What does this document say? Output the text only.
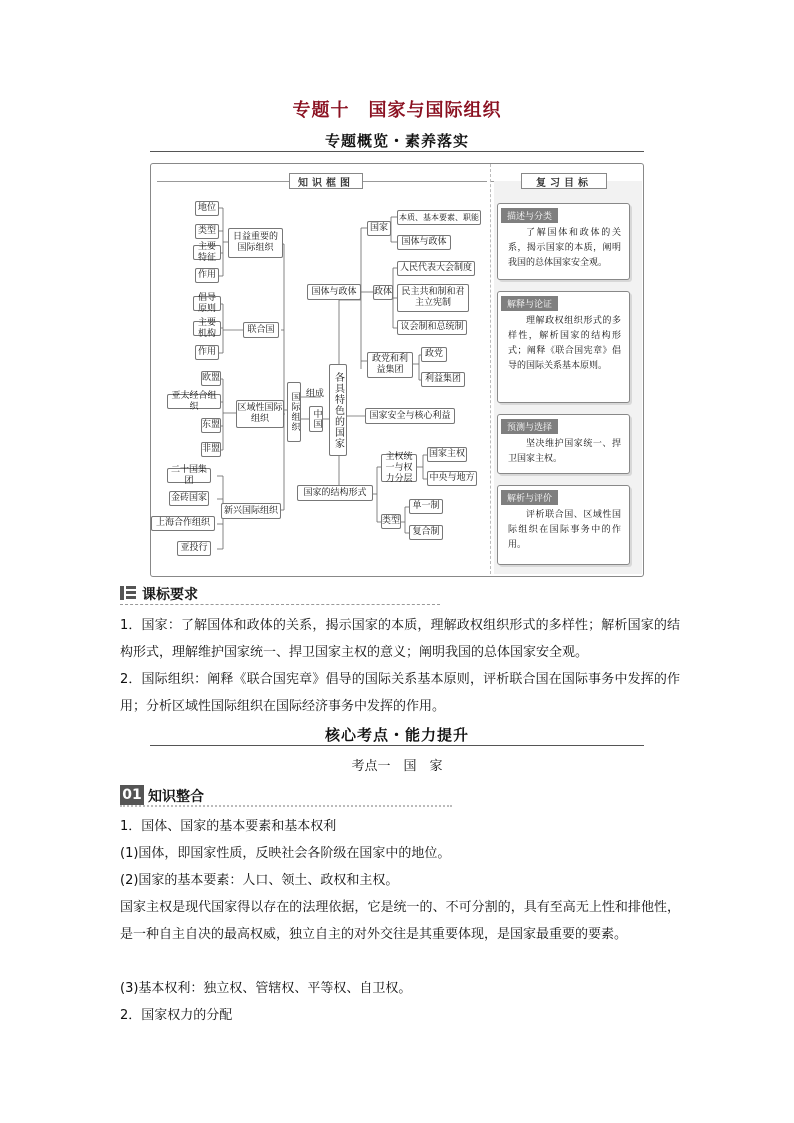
专题十　国家与国际组织
专题概览・素养落实
知识框图	复习目标
地位
类型
主要特征
作用
倡导原则
主要机构
作用
欧盟
亚太经合组织
东盟
非盟
二十国集团
金砖国家
上海合作组织
亚投行
日益重要的国际组织
联合国
区域性国际组织
新兴国际组织
国际组织 组成
中国	各具特色的国家
国体与政体
国家
本质、基本要素、职能
国体与政体
政体
人民代表大会制度
民主共和制和君主立宪制
议会制和总统制
政党和利益集团
政党
利益集团
国家安全与核心利益
国家的结构形式
主权统一与权力分层
国家主权
中央与地方
类型
单一制
复合制
描述与分类
了解国体和政体的关系，揭示国家的本质，阐明我国的总体国家安全观。
解释与论证
理解政权组织形式的多样性，解析国家的结构形式；阐释《联合国宪章》倡导的国际关系基本原则。
预测与选择
坚决维护国家统一、捍卫国家主权。
解析与评价
评析联合国、区域性国际组织在国际事务中的作用。
课标要求
1．国家：了解国体和政体的关系，揭示国家的本质，理解政权组织形式的多样性；解析国家的结构形式，理解维护国家统一、捍卫国家主权的意义；阐明我国的总体国家安全观。
2．国际组织：阐释《联合国宪章》倡导的国际关系基本原则，评析联合国在国际事务中发挥的作用；分析区域性国际组织在国际经济事务中发挥的作用。
核心考点・能力提升
考点一　国　家
01 知识整合
1．国体、国家的基本要素和基本权利
(1)国体，即国家性质，反映社会各阶级在国家中的地位。
(2)国家的基本要素：人口、领土、政权和主权。
国家主权是现代国家得以存在的法理依据，它是统一的、不可分割的，具有至高无上性和排他性，是一种自主自决的最高权威，独立自主的对外交往是其重要体现，是国家最重要的要素。
(3)基本权利：独立权、管辖权、平等权、自卫权。
2．国家权力的分配
